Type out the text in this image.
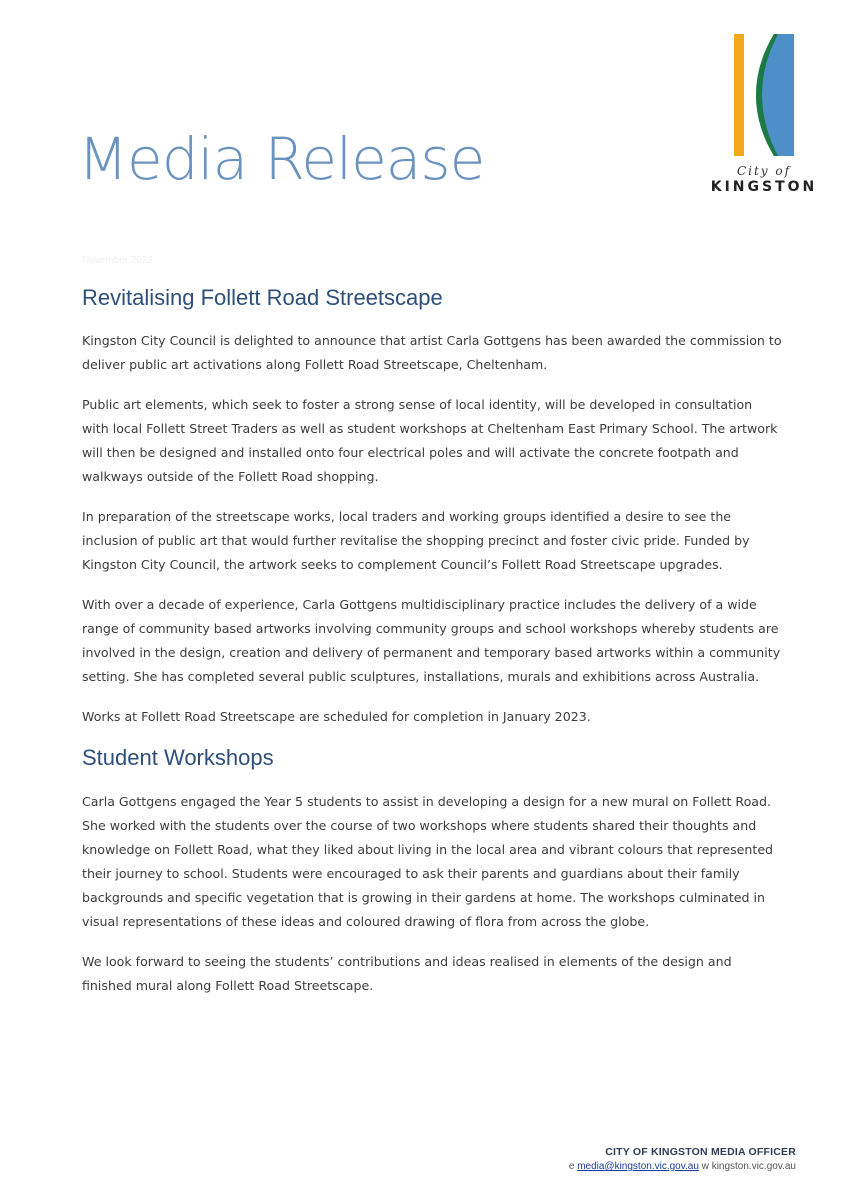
Media Release	City of
KINGSTON
November 2022
Revitalising Follett Road Streetscape

Kingston City Council is delighted to announce that artist Carla Gottgens has been awarded the commission to deliver public art activations along Follett Road Streetscape, Cheltenham.

Public art elements, which seek to foster a strong sense of local identity, will be developed in consultation with local Follett Street Traders as well as student workshops at Cheltenham East Primary School. The artwork will then be designed and installed onto four electrical poles and will activate the concrete footpath and walkways outside of the Follett Road shopping.

In preparation of the streetscape works, local traders and working groups identified a desire to see the inclusion of public art that would further revitalise the shopping precinct and foster civic pride. Funded by Kingston City Council, the artwork seeks to complement Council’s Follett Road Streetscape upgrades.

With over a decade of experience, Carla Gottgens multidisciplinary practice includes the delivery of a wide range of community based artworks involving community groups and school workshops whereby students are involved in the design, creation and delivery of permanent and temporary based artworks within a community setting. She has completed several public sculptures, installations, murals and exhibitions across Australia.

Works at Follett Road Streetscape are scheduled for completion in January 2023.

Student Workshops

Carla Gottgens engaged the Year 5 students to assist in developing a design for a new mural on Follett Road. She worked with the students over the course of two workshops where students shared their thoughts and knowledge on Follett Road, what they liked about living in the local area and vibrant colours that represented their journey to school. Students were encouraged to ask their parents and guardians about their family backgrounds and specific vegetation that is growing in their gardens at home. The workshops culminated in visual representations of these ideas and coloured drawing of flora from across the globe.

We look forward to seeing the students’ contributions and ideas realised in elements of the design and finished mural along Follett Road Streetscape.

CITY OF KINGSTON MEDIA OFFICER
e media@kingston.vic.gov.au w kingston.vic.gov.au
